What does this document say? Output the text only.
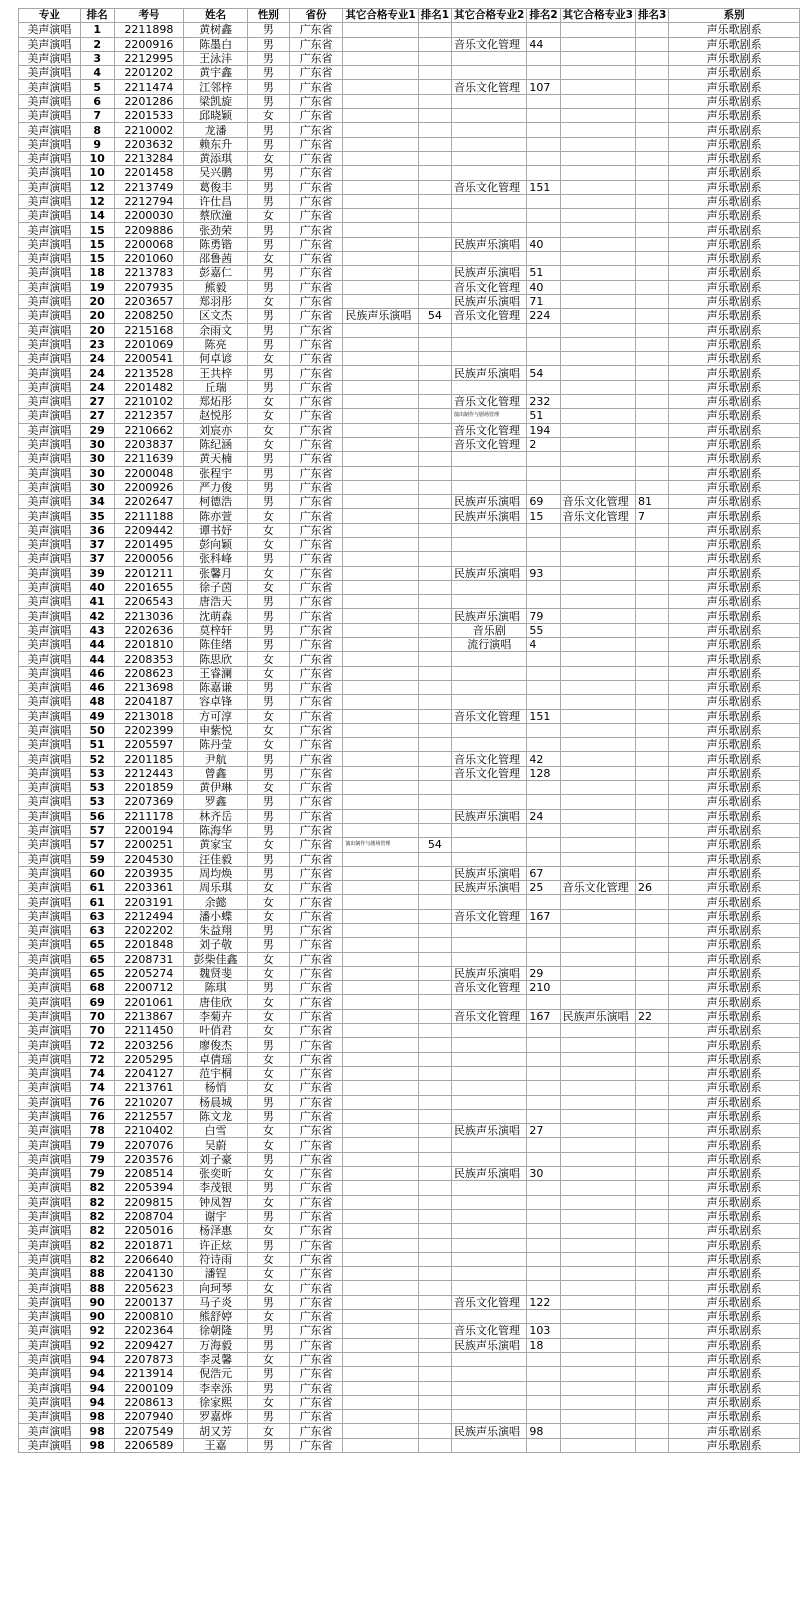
专业	排名	考号	姓名	性别	省份	其它合格专业1	排名1	其它合格专业2	排名2	其它合格专业3	排名3	系别
美声演唱	1	2211898	黄树鑫	男	广东省							声乐歌剧系
美声演唱	2	2200916	陈墨白	男	广东省			音乐文化管理	44			声乐歌剧系
美声演唱	3	2212995	王泳沣	男	广东省							声乐歌剧系
美声演唱	4	2201202	黄宇鑫	男	广东省							声乐歌剧系
美声演唱	5	2211474	江邻梓	男	广东省			音乐文化管理	107			声乐歌剧系
美声演唱	6	2201286	梁凯旋	男	广东省							声乐歌剧系
美声演唱	7	2201533	邱晓颖	女	广东省							声乐歌剧系
美声演唱	8	2210002	龙潘	男	广东省							声乐歌剧系
美声演唱	9	2203632	赖东升	男	广东省							声乐歌剧系
美声演唱	10	2213284	黄添琪	女	广东省							声乐歌剧系
美声演唱	10	2201458	吴兴鹏	男	广东省							声乐歌剧系
美声演唱	12	2213749	葛俊丰	男	广东省			音乐文化管理	151			声乐歌剧系
美声演唱	12	2212794	许仕昌	男	广东省							声乐歌剧系
美声演唱	14	2200030	蔡欣潼	女	广东省							声乐歌剧系
美声演唱	15	2209886	张劲荣	男	广东省							声乐歌剧系
美声演唱	15	2200068	陈勇锴	男	广东省			民族声乐演唱	40			声乐歌剧系
美声演唱	15	2201060	邵鲁茜	女	广东省							声乐歌剧系
美声演唱	18	2213783	彭嘉仁	男	广东省			民族声乐演唱	51			声乐歌剧系
美声演唱	19	2207935	熊毅	男	广东省			音乐文化管理	40			声乐歌剧系
美声演唱	20	2203657	郑羽彤	女	广东省			民族声乐演唱	71			声乐歌剧系
美声演唱	20	2208250	区文杰	男	广东省	民族声乐演唱	54	音乐文化管理	224			声乐歌剧系
美声演唱	20	2215168	余雨文	男	广东省							声乐歌剧系
美声演唱	23	2201069	陈亮	男	广东省							声乐歌剧系
美声演唱	24	2200541	何卓谚	女	广东省							声乐歌剧系
美声演唱	24	2213528	王共梓	男	广东省			民族声乐演唱	54			声乐歌剧系
美声演唱	24	2201482	丘瑞	男	广东省							声乐歌剧系
美声演唱	27	2210102	郑炻彤	女	广东省			音乐文化管理	232			声乐歌剧系
美声演唱	27	2212357	赵悦彤	女	广东省			演出制作与剧场管理	51			声乐歌剧系
美声演唱	29	2210662	刘宸亦	女	广东省			音乐文化管理	194			声乐歌剧系
美声演唱	30	2203837	陈纪涵	女	广东省			音乐文化管理	2			声乐歌剧系
美声演唱	30	2211639	黄天楠	男	广东省							声乐歌剧系
美声演唱	30	2200048	张程宇	男	广东省							声乐歌剧系
美声演唱	30	2200926	严力俊	男	广东省							声乐歌剧系
美声演唱	34	2202647	柯德浩	男	广东省			民族声乐演唱	69	音乐文化管理	81	声乐歌剧系
美声演唱	35	2211188	陈亦萱	女	广东省			民族声乐演唱	15	音乐文化管理	7	声乐歌剧系
美声演唱	36	2209442	谭书妤	女	广东省							声乐歌剧系
美声演唱	37	2201495	彭向颖	女	广东省							声乐歌剧系
美声演唱	37	2200056	张科峰	男	广东省							声乐歌剧系
美声演唱	39	2201211	张馨月	女	广东省			民族声乐演唱	93			声乐歌剧系
美声演唱	40	2201655	徐子茵	女	广东省							声乐歌剧系
美声演唱	41	2206543	唐浩天	男	广东省							声乐歌剧系
美声演唱	42	2213036	沈萌森	男	广东省			民族声乐演唱	79			声乐歌剧系
美声演唱	43	2202636	莫梓轩	男	广东省			音乐剧	55			声乐歌剧系
美声演唱	44	2201810	陈佳绪	男	广东省			流行演唱	4			声乐歌剧系
美声演唱	44	2208353	陈思欣	女	广东省							声乐歌剧系
美声演唱	46	2208623	王睿澜	女	广东省							声乐歌剧系
美声演唱	46	2213698	陈嘉谦	男	广东省							声乐歌剧系
美声演唱	48	2204187	容卓锋	男	广东省							声乐歌剧系
美声演唱	49	2213018	方可淳	女	广东省			音乐文化管理	151			声乐歌剧系
美声演唱	50	2202399	申紫悦	女	广东省							声乐歌剧系
美声演唱	51	2205597	陈丹莹	女	广东省							声乐歌剧系
美声演唱	52	2201185	尹航	男	广东省			音乐文化管理	42			声乐歌剧系
美声演唱	53	2212443	曾鑫	男	广东省			音乐文化管理	128			声乐歌剧系
美声演唱	53	2201859	黄伊琳	女	广东省							声乐歌剧系
美声演唱	53	2207369	罗鑫	男	广东省							声乐歌剧系
美声演唱	56	2211178	林齐岳	男	广东省			民族声乐演唱	24			声乐歌剧系
美声演唱	57	2200194	陈海华	男	广东省							声乐歌剧系
美声演唱	57	2200251	黄家宝	女	广东省	演出制作与剧场管理	54					声乐歌剧系
美声演唱	59	2204530	汪佳毅	男	广东省							声乐歌剧系
美声演唱	60	2203935	周均焕	男	广东省			民族声乐演唱	67			声乐歌剧系
美声演唱	61	2203361	周乐琪	女	广东省			民族声乐演唱	25	音乐文化管理	26	声乐歌剧系
美声演唱	61	2203191	余懿	女	广东省							声乐歌剧系
美声演唱	63	2212494	潘小蝶	女	广东省			音乐文化管理	167			声乐歌剧系
美声演唱	63	2202202	朱益翔	男	广东省							声乐歌剧系
美声演唱	65	2201848	刘子敬	男	广东省							声乐歌剧系
美声演唱	65	2208731	彭柴佳鑫	女	广东省							声乐歌剧系
美声演唱	65	2205274	魏贤斐	女	广东省			民族声乐演唱	29			声乐歌剧系
美声演唱	68	2200712	陈琪	男	广东省			音乐文化管理	210			声乐歌剧系
美声演唱	69	2201061	唐佳欣	女	广东省							声乐歌剧系
美声演唱	70	2213867	李菊卉	女	广东省			音乐文化管理	167	民族声乐演唱	22	声乐歌剧系
美声演唱	70	2211450	叶俏君	女	广东省							声乐歌剧系
美声演唱	72	2203256	廖俊杰	男	广东省							声乐歌剧系
美声演唱	72	2205295	卓倩瑶	女	广东省							声乐歌剧系
美声演唱	74	2204127	范宇桐	女	广东省							声乐歌剧系
美声演唱	74	2213761	杨悄	女	广东省							声乐歌剧系
美声演唱	76	2210207	杨晨城	男	广东省							声乐歌剧系
美声演唱	76	2212557	陈文龙	男	广东省							声乐歌剧系
美声演唱	78	2210402	白雪	女	广东省			民族声乐演唱	27			声乐歌剧系
美声演唱	79	2207076	吴蔚	女	广东省							声乐歌剧系
美声演唱	79	2203576	刘子豪	男	广东省							声乐歌剧系
美声演唱	79	2208514	张奕昕	女	广东省			民族声乐演唱	30			声乐歌剧系
美声演唱	82	2205394	李茂银	男	广东省							声乐歌剧系
美声演唱	82	2209815	钟凤智	女	广东省							声乐歌剧系
美声演唱	82	2208704	谢宇	男	广东省							声乐歌剧系
美声演唱	82	2205016	杨泽惠	女	广东省							声乐歌剧系
美声演唱	82	2201871	许正炫	男	广东省							声乐歌剧系
美声演唱	82	2206640	符诗雨	女	广东省							声乐歌剧系
美声演唱	88	2204130	潘锃	女	广东省							声乐歌剧系
美声演唱	88	2205623	向珂琴	女	广东省							声乐歌剧系
美声演唱	90	2200137	马子炎	男	广东省			音乐文化管理	122			声乐歌剧系
美声演唱	90	2200810	熊舒婷	女	广东省							声乐歌剧系
美声演唱	92	2202364	徐朝隆	男	广东省			音乐文化管理	103			声乐歌剧系
美声演唱	92	2209427	万海毅	男	广东省			民族声乐演唱	18			声乐歌剧系
美声演唱	94	2207873	李灵馨	女	广东省							声乐歌剧系
美声演唱	94	2213914	倪浩元	男	广东省							声乐歌剧系
美声演唱	94	2200109	李幸泺	男	广东省							声乐歌剧系
美声演唱	94	2208613	徐家熙	女	广东省							声乐歌剧系
美声演唱	98	2207940	罗嘉烨	男	广东省							声乐歌剧系
美声演唱	98	2207549	胡又芳	女	广东省			民族声乐演唱	98			声乐歌剧系
美声演唱	98	2206589	王嘉	男	广东省							声乐歌剧系
